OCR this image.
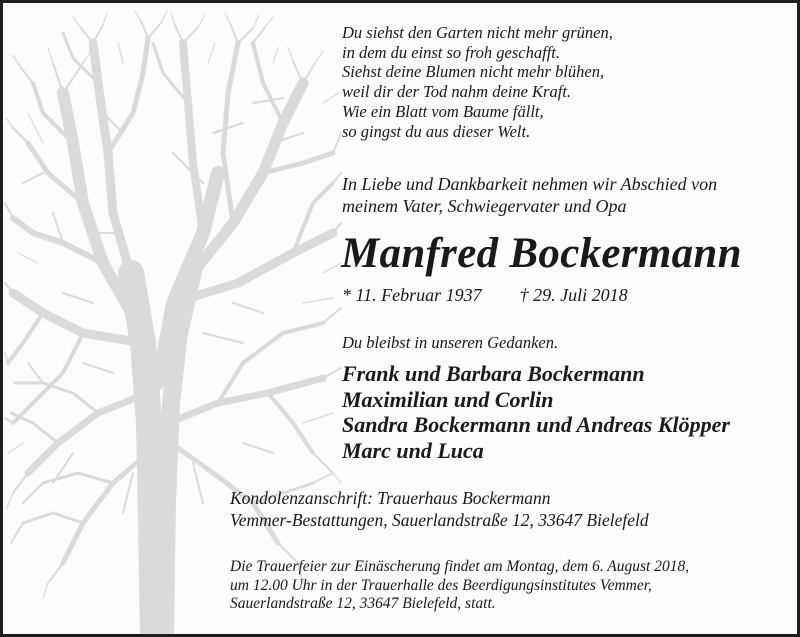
Du siehst den Garten nicht mehr grünen,
in dem du einst so froh geschafft.
Siehst deine Blumen nicht mehr blühen,
weil dir der Tod nahm deine Kraft.
Wie ein Blatt vom Baume fällt,
so gingst du aus dieser Welt.
In Liebe und Dankbarkeit nehmen wir Abschied von
meinem Vater, Schwiegervater und Opa
Manfred Bockermann
* 11. Februar 1937 † 29. Juli 2018
Du bleibst in unseren Gedanken.
Frank und Barbara Bockermann
Maximilian und Corlin
Sandra Bockermann und Andreas Klöpper
Marc und Luca
Kondolenzanschrift: Trauerhaus Bockermann
Vemmer-Bestattungen, Sauerlandstraße 12, 33647 Bielefeld
Die Trauerfeier zur Einäscherung findet am Montag, dem 6. August 2018,
um 12.00 Uhr in der Trauerhalle des Beerdigungsinstitutes Vemmer,
Sauerlandstraße 12, 33647 Bielefeld, statt.
